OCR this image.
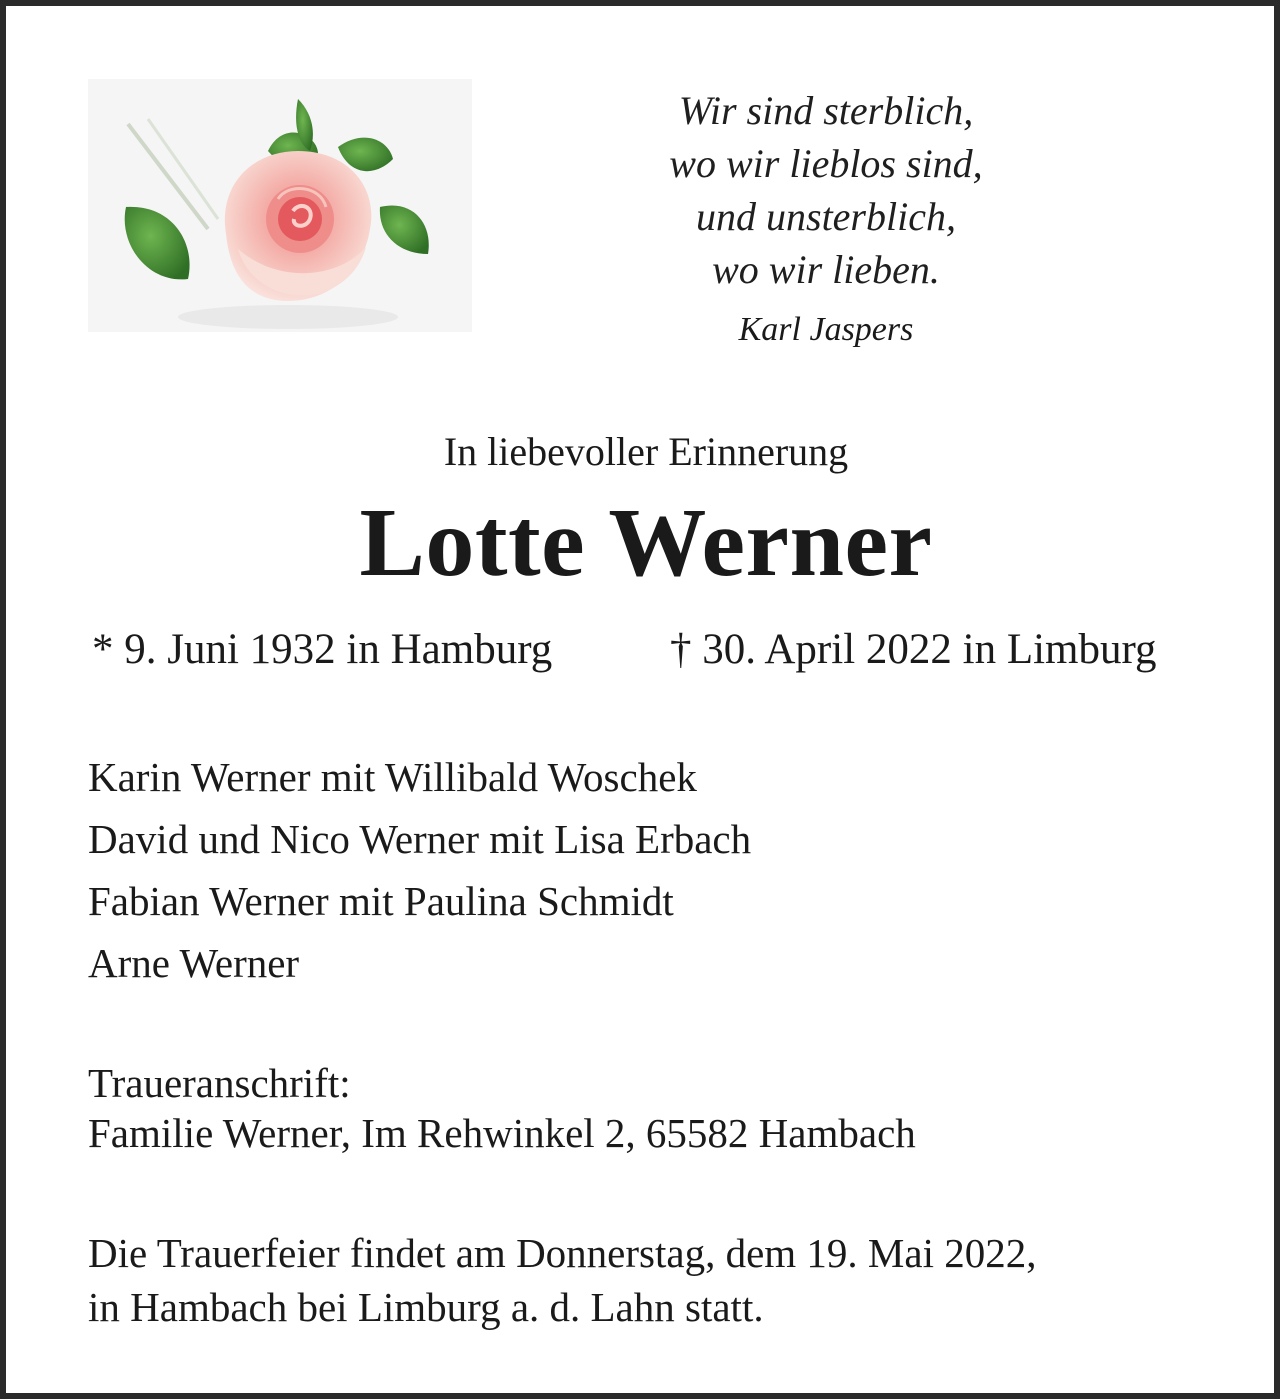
Wir sind sterblich,
wo wir lieblos sind,
und unsterblich,
wo wir lieben.
Karl Jaspers
In liebevoller Erinnerung
Lotte Werner
* 9. Juni 1932 in Hamburg	† 30. April 2022 in Limburg
Karin Werner mit Willibald Woschek
David und Nico Werner mit Lisa Erbach
Fabian Werner mit Paulina Schmidt
Arne Werner
Traueranschrift:
Familie Werner, Im Rehwinkel 2, 65582 Hambach
Die Trauerfeier findet am Donnerstag, dem 19. Mai 2022,
in Hambach bei Limburg a. d. Lahn statt.
